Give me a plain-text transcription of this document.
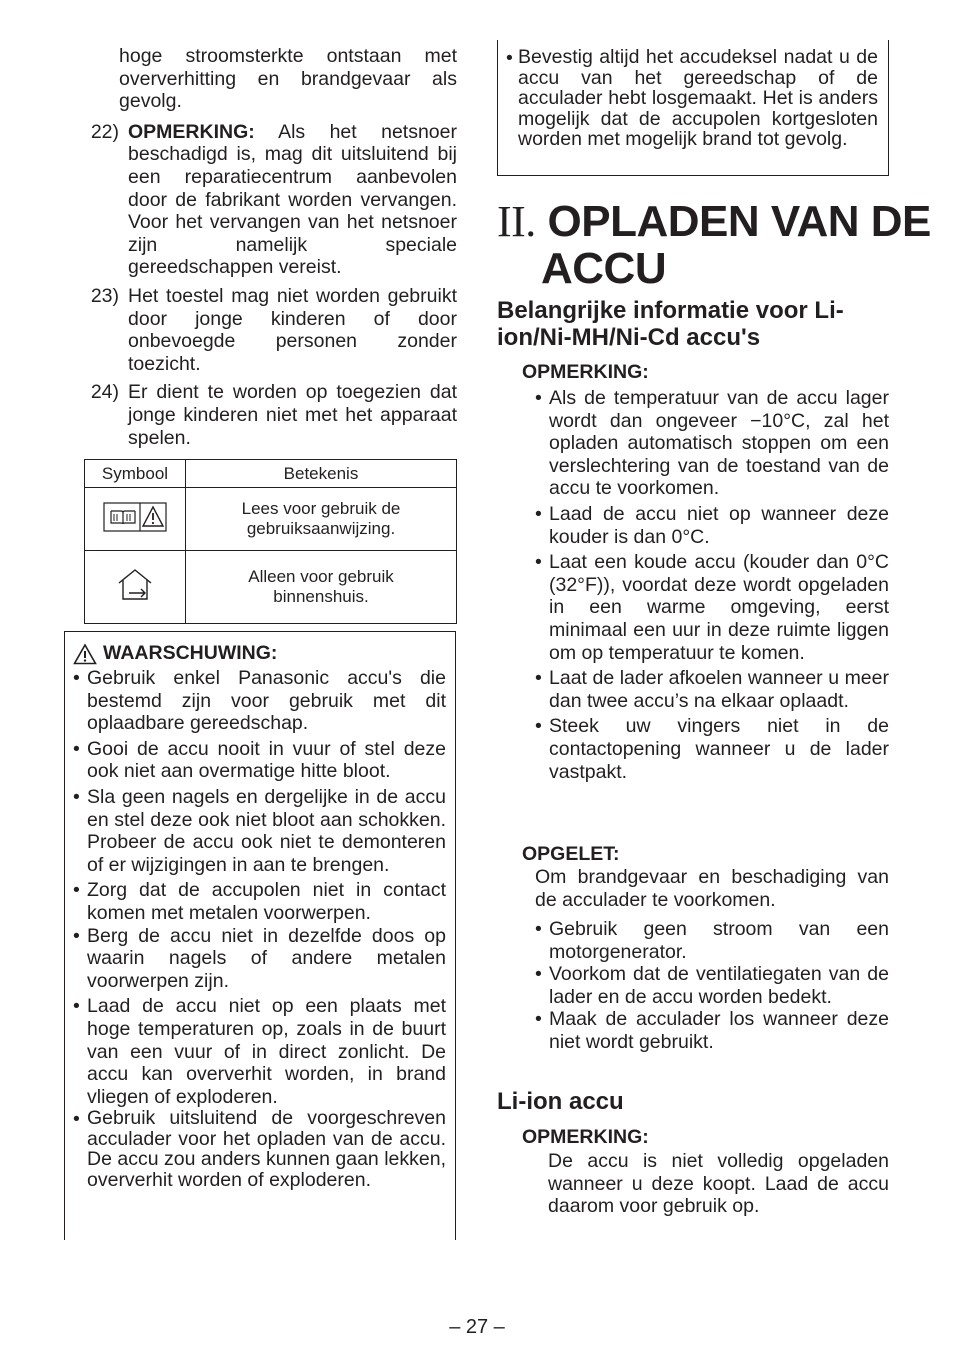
hoge stroomsterkte ontstaan met oververhitting en brandgevaar als gevolg.

22) OPMERKING: Als het netsnoer beschadigd is, mag dit uitsluitend bij een reparatiecentrum aanbevolen door de fabrikant worden vervangen. Voor het vervangen van het netsnoer zijn namelijk speciale gereedschappen vereist.
23) Het toestel mag niet worden gebruikt door jonge kinderen of door onbevoegde personen zonder toezicht.
24) Er dient te worden op toegezien dat jonge kinderen niet met het apparaat spelen.
Symbool	Betekenis
	Lees voor gebruik de gebruiksaanwijzing.
	Alleen voor gebruik binnenshuis.
WAARSCHUWING:
• Gebruik enkel Panasonic accu's die bestemd zijn voor gebruik met dit oplaadbare gereedschap.
• Gooi de accu nooit in vuur of stel deze ook niet aan overmatige hitte bloot.
• Sla geen nagels en dergelijke in de accu en stel deze ook niet bloot aan schokken. Probeer de accu ook niet te demonteren of er wijzigingen in aan te brengen.
• Zorg dat de accupolen niet in contact komen met metalen voorwerpen.
• Berg de accu niet in dezelfde doos op waarin nagels of andere metalen voorwerpen zijn.
• Laad de accu niet op een plaats met hoge temperaturen op, zoals in de buurt van een vuur of in direct zonlicht. De accu kan oververhit worden, in brand vliegen of exploderen.
• Gebruik uitsluitend de voorgeschreven acculader voor het opladen van de accu. De accu zou anders kunnen gaan lekken, oververhit worden of exploderen.
• Bevestig altijd het accudeksel nadat u de accu van het gereedschap of de acculader hebt losgemaakt. Het is anders mogelijk dat de accupolen kortgesloten worden met mogelijk brand tot gevolg.
II. OPLADEN VAN DE
ACCU
Belangrijke informatie voor Li-ion/Ni-MH/Ni-Cd accu's
OPMERKING:
• Als de temperatuur van de accu lager wordt dan ongeveer −10°C, zal het opladen automatisch stoppen om een verslechtering van de toestand van de accu te voorkomen.
• Laad de accu niet op wanneer deze kouder is dan 0°C.
• Laat een koude accu (kouder dan 0°C (32°F)), voordat deze wordt opgeladen in een warme omgeving, eerst minimaal een uur in deze ruimte liggen om op temperatuur te komen.
• Laat de lader afkoelen wanneer u meer dan twee accu’s na elkaar oplaadt.
• Steek uw vingers niet in de contactopening wanneer u de lader vastpakt.
OPGELET:

Om brandgevaar en beschadiging van de acculader te voorkomen.

• Gebruik geen stroom van een motorgenerator.
• Voorkom dat de ventilatiegaten van de lader en de accu worden bedekt.
• Maak de acculader los wanneer deze niet wordt gebruikt.
Li-ion accu
OPMERKING:

De accu is niet volledig opgeladen wanneer u deze koopt. Laad de accu daarom voor gebruik op.

– 27 –
